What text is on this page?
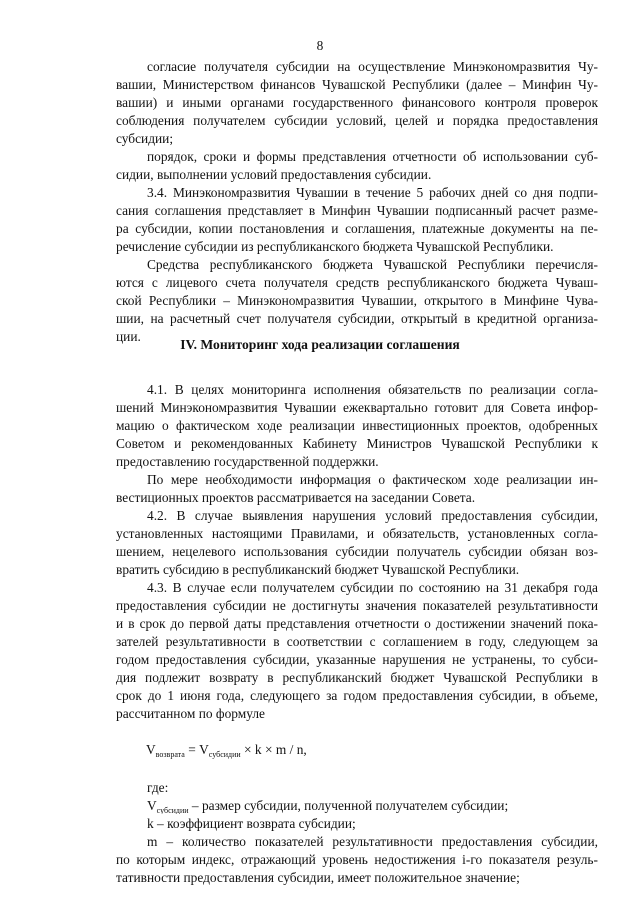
8
согласие получателя субсидии на осуществление Минэкономразвития Чу-
вашии, Министерством финансов Чувашской Республики (далее – Минфин Чу-
вашии) и иными органами государственного финансового контроля проверок
соблюдения получателем субсидии условий, целей и порядка предоставления
субсидии;
порядок, сроки и формы представления отчетности об использовании суб-
сидии, выполнении условий предоставления субсидии.
3.4. Минэкономразвития Чувашии в течение 5 рабочих дней со дня подпи-
сания соглашения представляет в Минфин Чувашии подписанный расчет разме-
ра субсидии, копии постановления и соглашения, платежные документы на пе-
речисление субсидии из республиканского бюджета Чувашской Республики.
Средства республиканского бюджета Чувашской Республики перечисля-
ются с лицевого счета получателя средств республиканского бюджета Чуваш-
ской Республики – Минэкономразвития Чувашии, открытого в Минфине Чува-
шии, на расчетный счет получателя субсидии, открытый в кредитной организа-
ции.
IV. Мониторинг хода реализации соглашения
4.1. В целях мониторинга исполнения обязательств по реализации согла-
шений Минэкономразвития Чувашии ежеквартально готовит для Совета инфор-
мацию о фактическом ходе реализации инвестиционных проектов, одобренных
Советом и рекомендованных Кабинету Министров Чувашской Республики к
предоставлению государственной поддержки.
По мере необходимости информация о фактическом ходе реализации ин-
вестиционных проектов рассматривается на заседании Совета.
4.2. В случае выявления нарушения условий предоставления субсидии,
установленных настоящими Правилами, и обязательств, установленных согла-
шением, нецелевого использования субсидии получатель субсидии обязан воз-
вратить субсидию в республиканский бюджет Чувашской Республики.
4.3. В случае если получателем субсидии по состоянию на 31 декабря года
предоставления субсидии не достигнуты значения показателей результативности
и в срок до первой даты представления отчетности о достижении значений пока-
зателей результативности в соответствии с соглашением в году, следующем за
годом предоставления субсидии, указанные нарушения не устранены, то субси-
дия подлежит возврату в республиканский бюджет Чувашской Республики в
срок до 1 июня года, следующего за годом предоставления субсидии, в объеме,
рассчитанном по формуле
$V_{возврата} = V_{субсидии} \times k \times m / n$,
где:
$V_{субсидии}$ – размер субсидии, полученной получателем субсидии;
k – коэффициент возврата субсидии;
m – количество показателей результативности предоставления субсидии,
по которым индекс, отражающий уровень недостижения i-го показателя резуль-
тативности предоставления субсидии, имеет положительное значение;
